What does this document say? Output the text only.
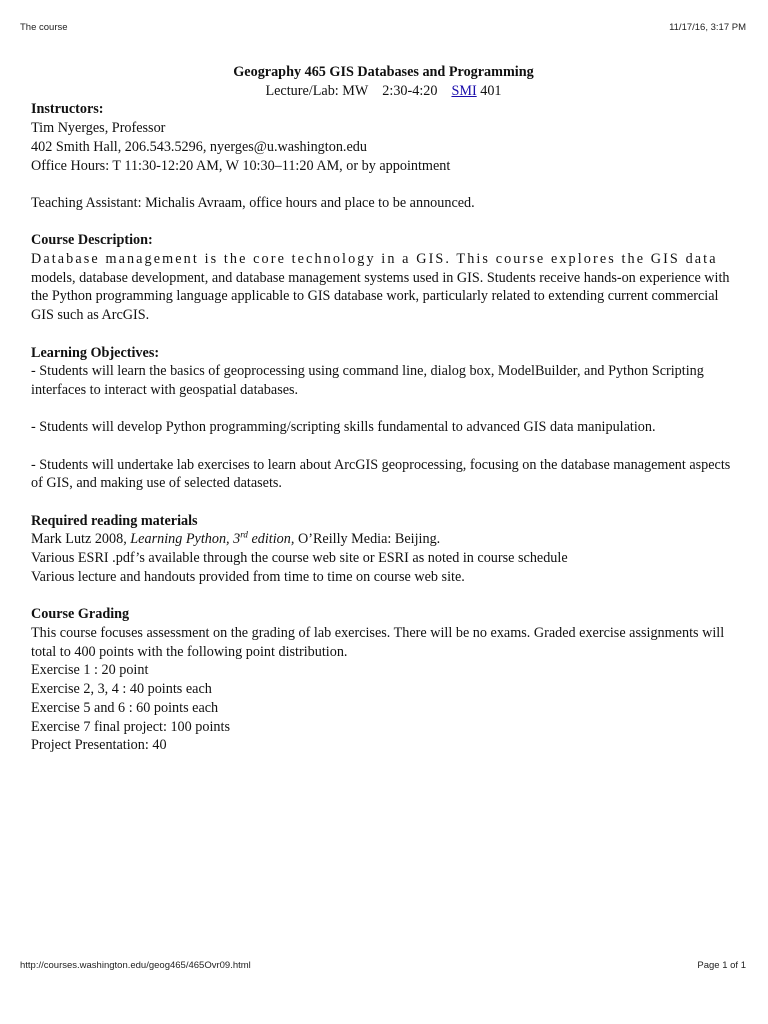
The course	11/17/16, 3:17 PM
Geography 465 GIS Databases and Programming
Lecture/Lab: MW 2:30-4:20 SMI 401
Instructors:

Tim Nyerges, Professor

402 Smith Hall, 206.543.5296, nyerges@u.washington.edu

Office Hours: T 11:30-12:20 AM, W 10:30–11:20 AM, or by appointment

Teaching Assistant: Michalis Avraam, office hours and place to be announced.

Course Description:

Database management is the core technology in a GIS. This course explores the GIS data

models, database development, and database management systems used in GIS. Students receive hands-on experience with the Python programming language applicable to GIS database work, particularly related to extending current commercial GIS such as ArcGIS.

Learning Objectives:

- Students will learn the basics of geoprocessing using command line, dialog box, ModelBuilder, and Python Scripting interfaces to interact with geospatial databases.

- Students will develop Python programming/scripting skills fundamental to advanced GIS data manipulation.

- Students will undertake lab exercises to learn about ArcGIS geoprocessing, focusing on the database management aspects of GIS, and making use of selected datasets.

Required reading materials

Mark Lutz 2008, Learning Python, 3rd edition, O’Reilly Media: Beijing.

Various ESRI .pdf’s available through the course web site or ESRI as noted in course schedule

Various lecture and handouts provided from time to time on course web site.

Course Grading

This course focuses assessment on the grading of lab exercises. There will be no exams. Graded exercise assignments will total to 400 points with the following point distribution.

Exercise 1 : 20 point

Exercise 2, 3, 4 : 40 points each

Exercise 5 and 6 : 60 points each

Exercise 7 final project: 100 points

Project Presentation: 40

http://courses.washington.edu/geog465/465Ovr09.html	Page 1 of 1
